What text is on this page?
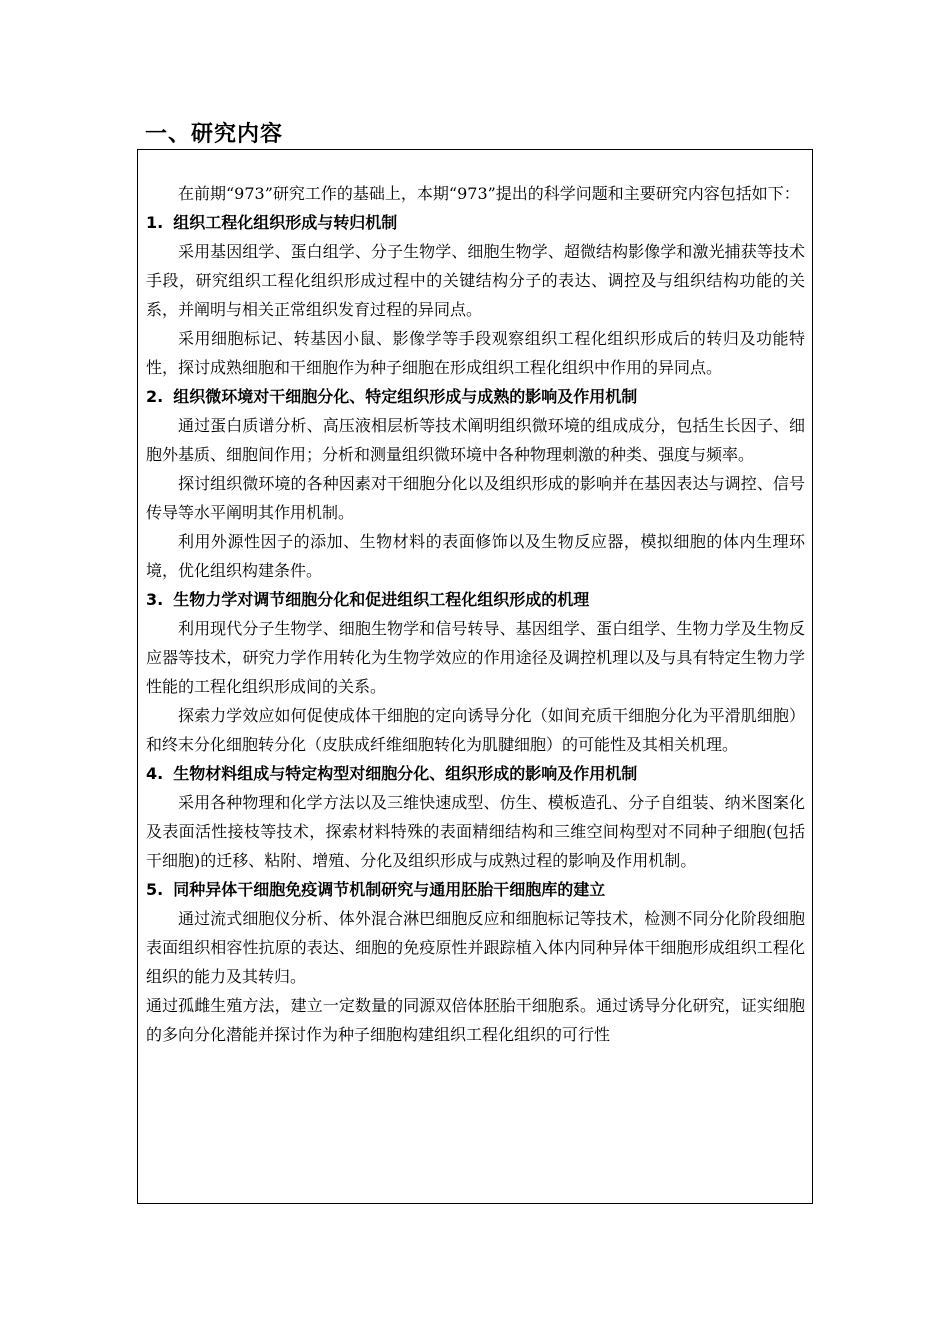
一、研究内容

在前期“973”研究工作的基础上，本期“973”提出的科学问题和主要研究内容包括如下：

1. 组织工程化组织形成与转归机制

采用基因组学、蛋白组学、分子生物学、细胞生物学、超微结构影像学和激光捕获等技术手段，研究组织工程化组织形成过程中的关键结构分子的表达、调控及与组织结构功能的关系，并阐明与相关正常组织发育过程的异同点。

采用细胞标记、转基因小鼠、影像学等手段观察组织工程化组织形成后的转归及功能特性，探讨成熟细胞和干细胞作为种子细胞在形成组织工程化组织中作用的异同点。

2. 组织微环境对干细胞分化、特定组织形成与成熟的影响及作用机制

通过蛋白质谱分析、高压液相层析等技术阐明组织微环境的组成成分，包括生长因子、细胞外基质、细胞间作用；分析和测量组织微环境中各种物理刺激的种类、强度与频率。

探讨组织微环境的各种因素对干细胞分化以及组织形成的影响并在基因表达与调控、信号传导等水平阐明其作用机制。

利用外源性因子的添加、生物材料的表面修饰以及生物反应器，模拟细胞的体内生理环境，优化组织构建条件。

3. 生物力学对调节细胞分化和促进组织工程化组织形成的机理

利用现代分子生物学、细胞生物学和信号转导、基因组学、蛋白组学、生物力学及生物反应器等技术，研究力学作用转化为生物学效应的作用途径及调控机理以及与具有特定生物力学性能的工程化组织形成间的关系。

探索力学效应如何促使成体干细胞的定向诱导分化（如间充质干细胞分化为平滑肌细胞）和终末分化细胞转分化（皮肤成纤维细胞转化为肌腱细胞）的可能性及其相关机理。

4. 生物材料组成与特定构型对细胞分化、组织形成的影响及作用机制

采用各种物理和化学方法以及三维快速成型、仿生、模板造孔、分子自组装、纳米图案化及表面活性接枝等技术，探索材料特殊的表面精细结构和三维空间构型对不同种子细胞(包括干细胞)的迁移、粘附、增殖、分化及组织形成与成熟过程的影响及作用机制。

5. 同种异体干细胞免疫调节机制研究与通用胚胎干细胞库的建立

通过流式细胞仪分析、体外混合淋巴细胞反应和细胞标记等技术，检测不同分化阶段细胞表面组织相容性抗原的表达、细胞的免疫原性并跟踪植入体内同种异体干细胞形成组织工程化组织的能力及其转归。

通过孤雌生殖方法，建立一定数量的同源双倍体胚胎干细胞系。通过诱导分化研究，证实细胞的多向分化潜能并探讨作为种子细胞构建组织工程化组织的可行性
